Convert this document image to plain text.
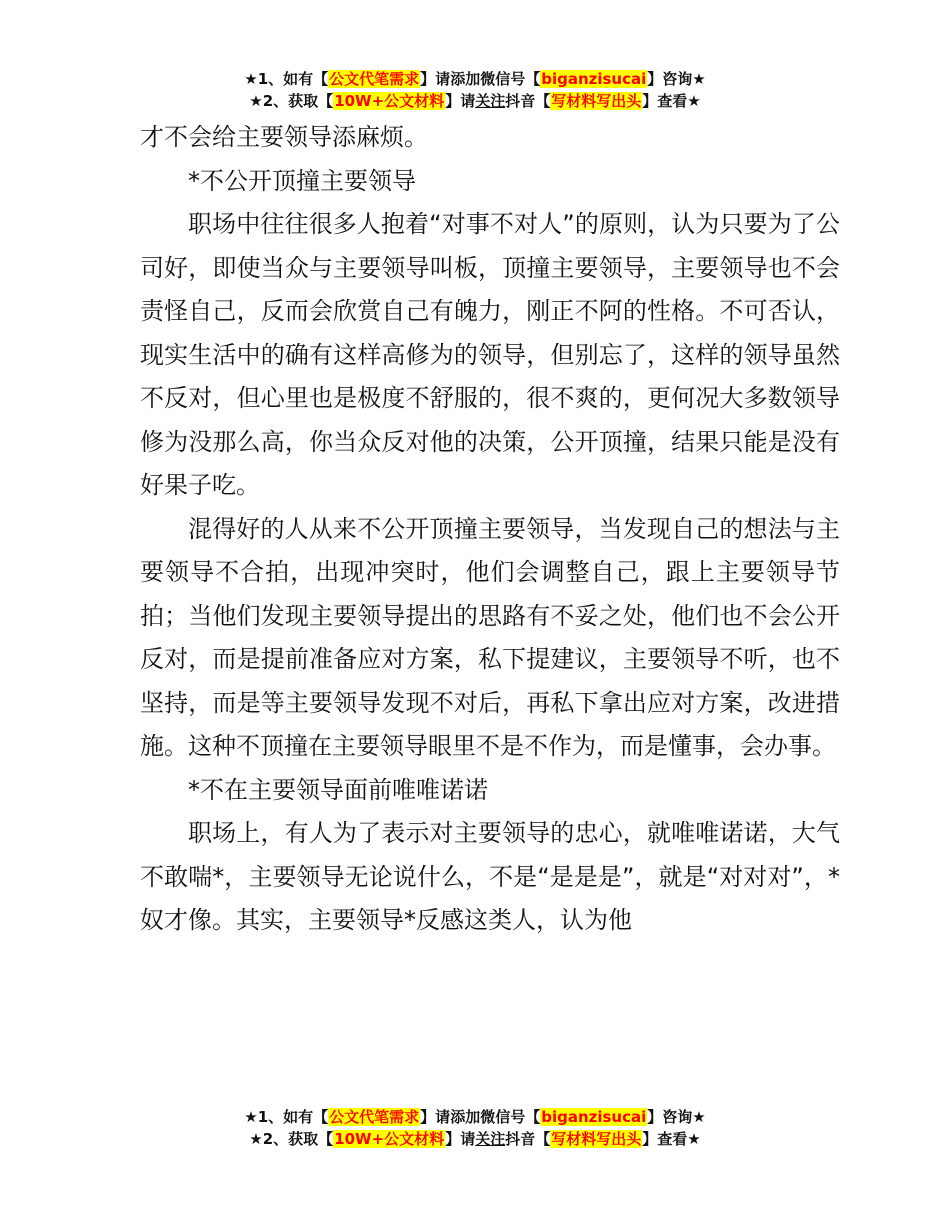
★1、如有【公文代笔需求】请添加微信号【biganzisucai】咨询★
★2、获取【10W+公文材料】请关注抖音【写材料写出头】查看★

才不会给主要领导添麻烦。

*不公开顶撞主要领导

职场中往往很多人抱着“对事不对人”的原则，认为只要为了公司好，即使当众与主要领导叫板，顶撞主要领导，主要领导也不会责怪自己，反而会欣赏自己有魄力，刚正不阿的性格。不可否认，现实生活中的确有这样高修为的领导，但别忘了，这样的领导虽然不反对，但心里也是极度不舒服的，很不爽的，更何况大多数领导修为没那么高，你当众反对他的决策，公开顶撞，结果只能是没有好果子吃。

混得好的人从来不公开顶撞主要领导，当发现自己的想法与主要领导不合拍，出现冲突时，他们会调整自己，跟上主要领导节拍；当他们发现主要领导提出的思路有不妥之处，他们也不会公开反对，而是提前准备应对方案，私下提建议，主要领导不听，也不坚持，而是等主要领导发现不对后，再私下拿出应对方案，改进措施。这种不顶撞在主要领导眼里不是不作为，而是懂事，会办事。

*不在主要领导面前唯唯诺诺

职场上，有人为了表示对主要领导的忠心，就唯唯诺诺，大气不敢喘*，主要领导无论说什么，不是“是是是”，就是“对对对”，*奴才像。其实，主要领导*反感这类人，认为他

★1、如有【公文代笔需求】请添加微信号【biganzisucai】咨询★
★2、获取【10W+公文材料】请关注抖音【写材料写出头】查看★
